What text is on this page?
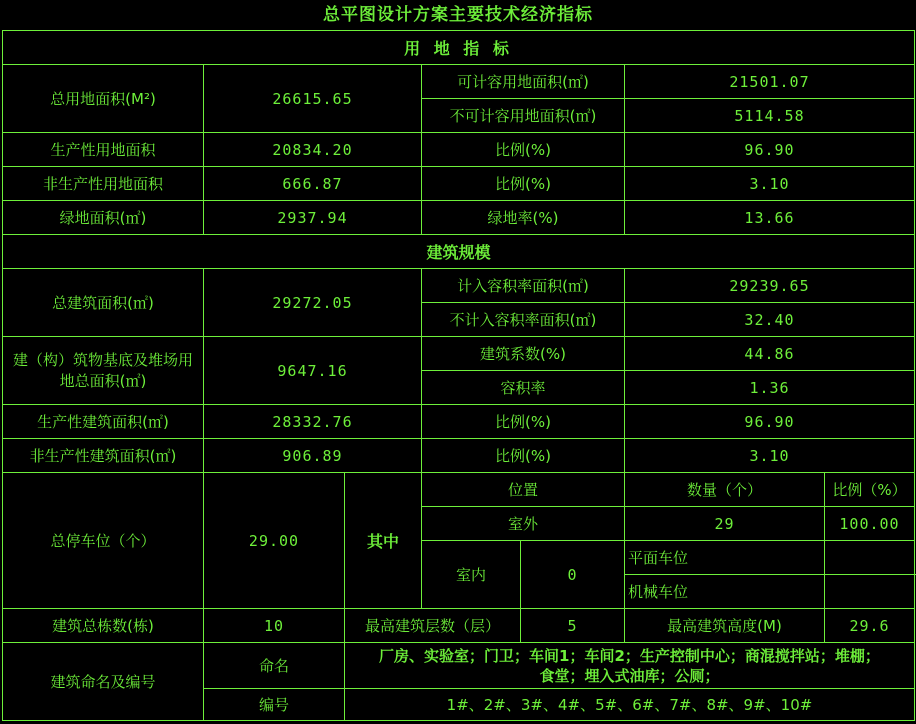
总平图设计方案主要技术经济指标
用 地 指 标						
总用地面积(M²)	26615.65		可计容用地面积(㎡)		21501.07	
			不可计容用地面积(㎡)		5114.58	
生产性用地面积	20834.20		比例(%)		96.90	
非生产性用地面积	666.87		比例(%)		3.10	
绿地面积(㎡)	2937.94		绿地率(%)		13.66	
建筑规模						
总建筑面积(㎡)	29272.05		计入容积率面积(㎡)		29239.65	
			不计入容积率面积(㎡)		32.40	
建（构）筑物基底及堆场用地总面积(㎡)	9647.16		建筑系数(%)		44.86	
			容积率		1.36	
生产性建筑面积(㎡)	28332.76		比例(%)		96.90	
非生产性建筑面积(㎡)	906.89		比例(%)		3.10	
总停车位（个）	29.00	其中	位置		数量（个）	比例（%）
			室外		29	100.00
			室内	0	平面车位	
					机械车位	
建筑总栋数(栋)	10	最高建筑层数（层）		5	最高建筑高度(M)	29.6
建筑命名及编号	命名	厂房、实验室；门卫；车间1；车间2；生产控制中心；商混搅拌站；堆棚；
食堂；埋入式油库；公厕；				

	编号	1#、2#、3#、4#、5#、6#、7#、8#、9#、10#				
